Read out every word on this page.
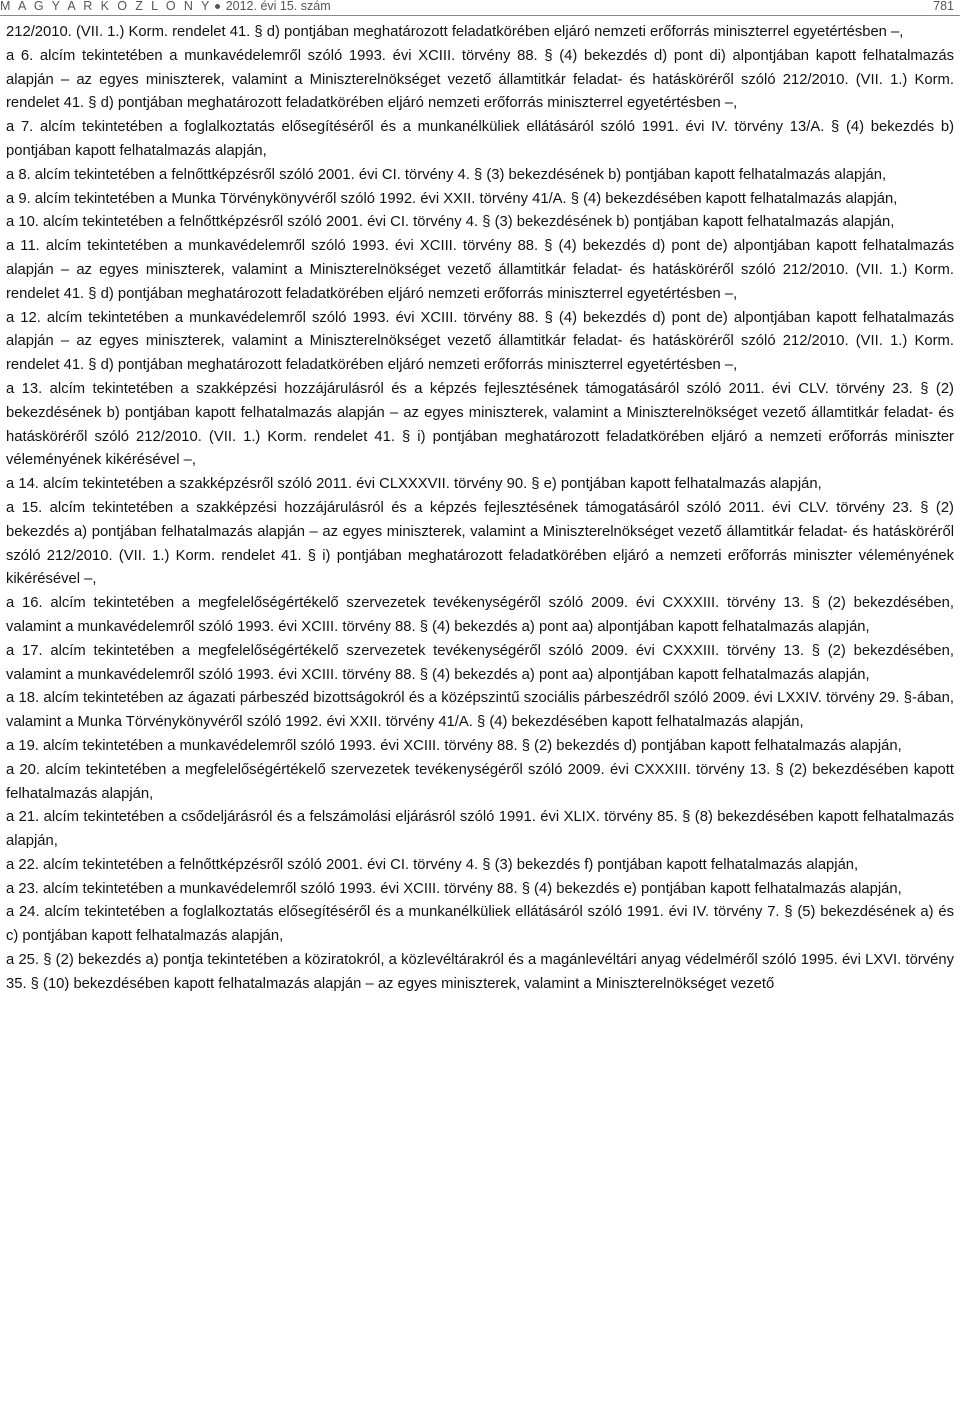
M A G Y A R K Ö Z L Ö N Y 2012. évi 15. szám	781

212/2010. (VII. 1.) Korm. rendelet 41. § d) pontjában meghatározott feladatkörében eljáró nemzeti erőforrás miniszterrel egyetértésben –,

a 6. alcím tekintetében a munkavédelemről szóló 1993. évi XCIII. törvény 88. § (4) bekezdés d) pont di) alpontjában kapott felhatalmazás alapján – az egyes miniszterek, valamint a Miniszterelnökséget vezető államtitkár feladat- és hatásköréről szóló 212/2010. (VII. 1.) Korm. rendelet 41. § d) pontjában meghatározott feladatkörében eljáró nemzeti erőforrás miniszterrel egyetértésben –,

a 7. alcím tekintetében a foglalkoztatás elősegítéséről és a munkanélküliek ellátásáról szóló 1991. évi IV. törvény 13/A. § (4) bekezdés b) pontjában kapott felhatalmazás alapján,

a 8. alcím tekintetében a felnőttképzésről szóló 2001. évi CI. törvény 4. § (3) bekezdésének b) pontjában kapott felhatalmazás alapján,

a 9. alcím tekintetében a Munka Törvénykönyvéről szóló 1992. évi XXII. törvény 41/A. § (4) bekezdésében kapott felhatalmazás alapján,

a 10. alcím tekintetében a felnőttképzésről szóló 2001. évi CI. törvény 4. § (3) bekezdésének b) pontjában kapott felhatalmazás alapján,

a 11. alcím tekintetében a munkavédelemről szóló 1993. évi XCIII. törvény 88. § (4) bekezdés d) pont de) alpontjában kapott felhatalmazás alapján – az egyes miniszterek, valamint a Miniszterelnökséget vezető államtitkár feladat- és hatásköréről szóló 212/2010. (VII. 1.) Korm. rendelet 41. § d) pontjában meghatározott feladatkörében eljáró nemzeti erőforrás miniszterrel egyetértésben –,

a 12. alcím tekintetében a munkavédelemről szóló 1993. évi XCIII. törvény 88. § (4) bekezdés d) pont de) alpontjában kapott felhatalmazás alapján – az egyes miniszterek, valamint a Miniszterelnökséget vezető államtitkár feladat- és hatásköréről szóló 212/2010. (VII. 1.) Korm. rendelet 41. § d) pontjában meghatározott feladatkörében eljáró nemzeti erőforrás miniszterrel egyetértésben –,

a 13. alcím tekintetében a szakképzési hozzájárulásról és a képzés fejlesztésének támogatásáról szóló 2011. évi CLV. törvény 23. § (2) bekezdésének b) pontjában kapott felhatalmazás alapján – az egyes miniszterek, valamint a Miniszterelnökséget vezető államtitkár feladat- és hatásköréről szóló 212/2010. (VII. 1.) Korm. rendelet 41. § i) pontjában meghatározott feladatkörében eljáró a nemzeti erőforrás miniszter véleményének kikérésével –,

a 14. alcím tekintetében a szakképzésről szóló 2011. évi CLXXXVII. törvény 90. § e) pontjában kapott felhatalmazás alapján,

a 15. alcím tekintetében a szakképzési hozzájárulásról és a képzés fejlesztésének támogatásáról szóló 2011. évi CLV. törvény 23. § (2) bekezdés a) pontjában felhatalmazás alapján – az egyes miniszterek, valamint a Miniszterelnökséget vezető államtitkár feladat- és hatásköréről szóló 212/2010. (VII. 1.) Korm. rendelet 41. § i) pontjában meghatározott feladatkörében eljáró a nemzeti erőforrás miniszter véleményének kikérésével –,

a 16. alcím tekintetében a megfelelőségértékelő szervezetek tevékenységéről szóló 2009. évi CXXXIII. törvény 13. § (2) bekezdésében, valamint a munkavédelemről szóló 1993. évi XCIII. törvény 88. § (4) bekezdés a) pont aa) alpontjában kapott felhatalmazás alapján,

a 17. alcím tekintetében a megfelelőségértékelő szervezetek tevékenységéről szóló 2009. évi CXXXIII. törvény 13. § (2) bekezdésében, valamint a munkavédelemről szóló 1993. évi XCIII. törvény 88. § (4) bekezdés a) pont aa) alpontjában kapott felhatalmazás alapján,

a 18. alcím tekintetében az ágazati párbeszéd bizottságokról és a középszintű szociális párbeszédről szóló 2009. évi LXXIV. törvény 29. §-ában, valamint a Munka Törvénykönyvéről szóló 1992. évi XXII. törvény 41/A. § (4) bekezdésében kapott felhatalmazás alapján,

a 19. alcím tekintetében a munkavédelemről szóló 1993. évi XCIII. törvény 88. § (2) bekezdés d) pontjában kapott felhatalmazás alapján,

a 20. alcím tekintetében a megfelelőségértékelő szervezetek tevékenységéről szóló 2009. évi CXXXIII. törvény 13. § (2) bekezdésében kapott felhatalmazás alapján,

a 21. alcím tekintetében a csődeljárásról és a felszámolási eljárásról szóló 1991. évi XLIX. törvény 85. § (8) bekezdésében kapott felhatalmazás alapján,

a 22. alcím tekintetében a felnőttképzésről szóló 2001. évi CI. törvény 4. § (3) bekezdés f) pontjában kapott felhatalmazás alapján,

a 23. alcím tekintetében a munkavédelemről szóló 1993. évi XCIII. törvény 88. § (4) bekezdés e) pontjában kapott felhatalmazás alapján,

a 24. alcím tekintetében a foglalkoztatás elősegítéséről és a munkanélküliek ellátásáról szóló 1991. évi IV. törvény 7. § (5) bekezdésének a) és c) pontjában kapott felhatalmazás alapján,

a 25. § (2) bekezdés a) pontja tekintetében a köziratokról, a közlevéltárakról és a magánlevéltári anyag védelméről szóló 1995. évi LXVI. törvény 35. § (10) bekezdésében kapott felhatalmazás alapján – az egyes miniszterek, valamint a Miniszterelnökséget vezető
